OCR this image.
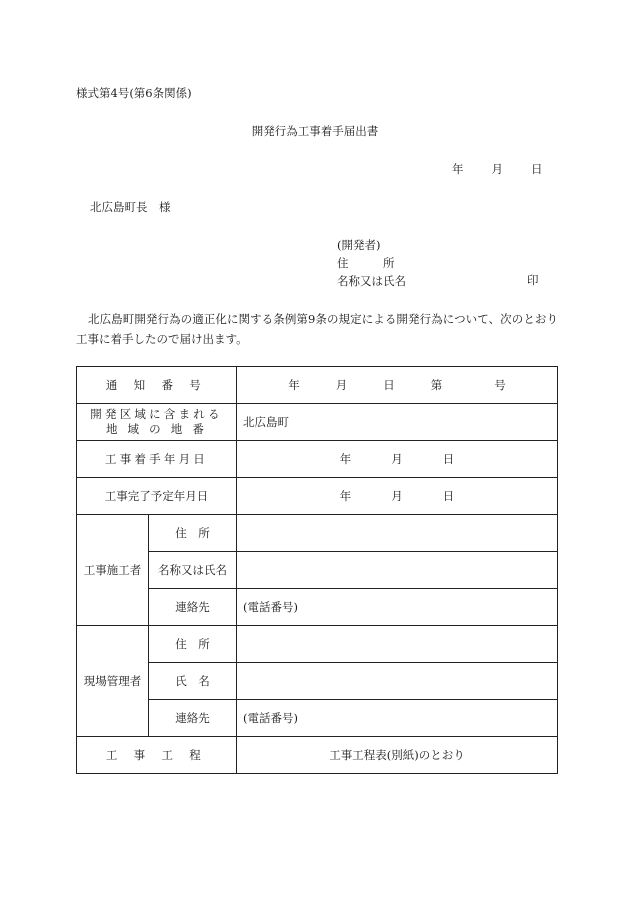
様式第4号(第6条関係)
開発行為工事着手届出書
年 月 日
北広島町長　様
(開発者)
住　　　所
名称又は氏名	印
北広島町開発行為の適正化に関する条例第9条の規定による開発行為について、次のとおり工事に着手したので届け出ます。
通 知 番 号		年 月 日 第 号

開発区域に含まれる
地 域 の 地 番		北広島町
工事着手年月日		年 月 日

工事完了予定年月日		年 月 日

工事施工者	住　所	
	名称又は氏名	
	連絡先	(電話番号)
現場管理者	住　所	
	氏　名	
	連絡先	(電話番号)
工 事 工 程		工事工程表(別紙)のとおり
